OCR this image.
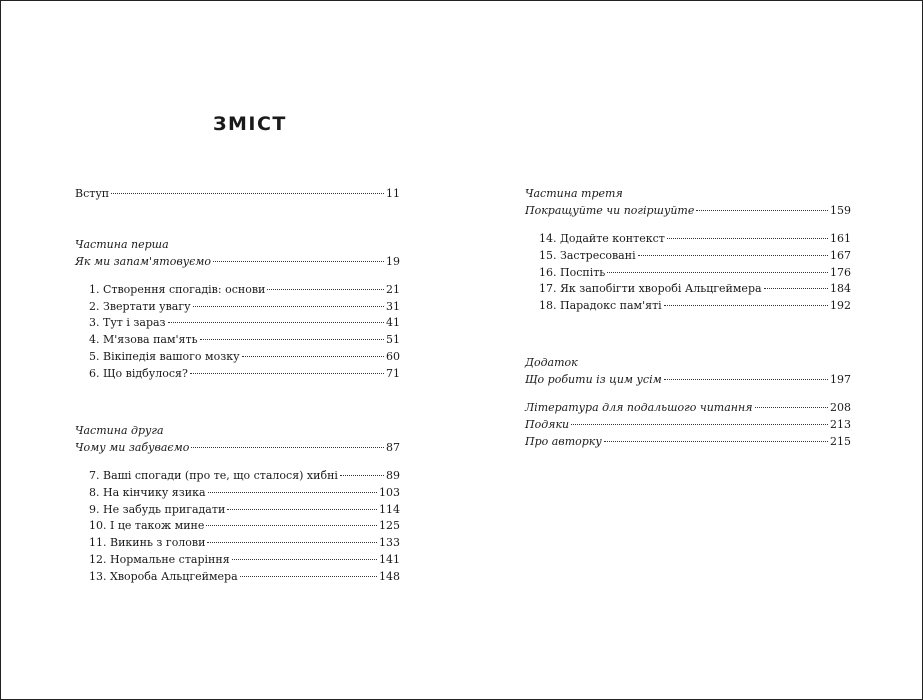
ЗМІСТ
Вступ	11
Частина перша
Як ми запам'ятовуємо	19
1. Створення спогадів: основи	21
2. Звертати увагу	31
3. Тут і зараз	41
4. М'язова пам'ять	51
5. Вікіпедія вашого мозку	60
6. Що відбулося?	71
Частина друга
Чому ми забуваємо	87
7. Ваші спогади (про те, що сталося) хибні	89
8. На кінчику язика	103
9. Не забудь пригадати	114
10. І це також мине	125
11. Викинь з голови	133
12. Нормальне старіння	141
13. Хвороба Альцгеймера	148
Частина третя
Покращуйте чи погіршуйте	159
14. Додайте контекст	161
15. Застресовані	167
16. Поспіть	176
17. Як запобігти хворобі Альцгеймера	184
18. Парадокс пам'яті	192
Додаток
Що робити із цим усім	197
Література для подальшого читання	208
Подяки	213
Про авторку	215
